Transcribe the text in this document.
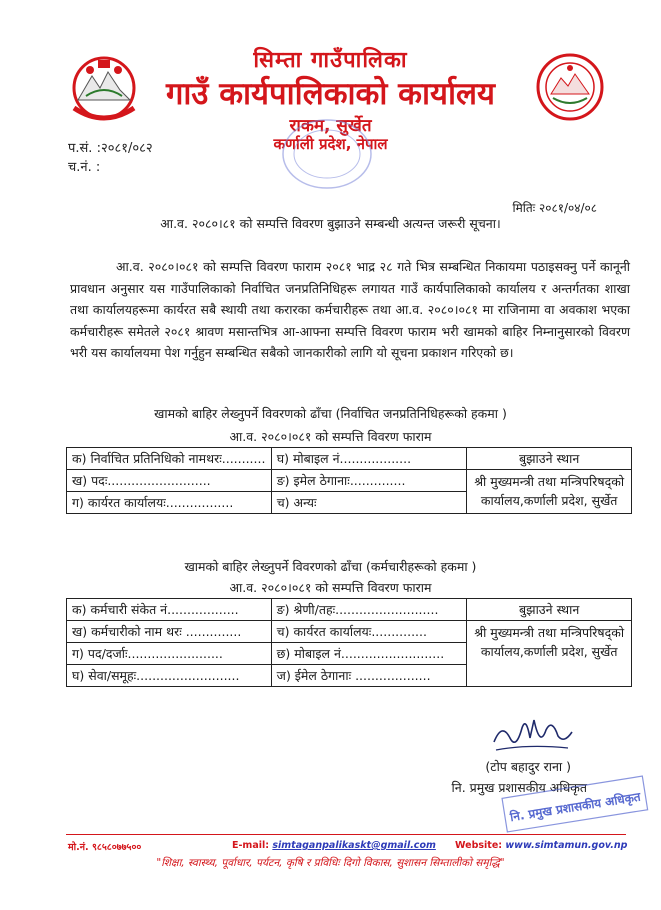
सिम्ता गाउँपालिका
गाउँ कार्यपालिकाको कार्यालय
राकम, सुर्खेत
कर्णाली प्रदेश, नेपाल
प.सं. :२०८१/०८२
च.नं. :
मितिः २०८१/०४/०८
आ.व. २०८०।८१ को सम्पत्ति विवरण बुझाउने सम्बन्धी अत्यन्त जरूरी सूचना।
आ.व. २०८०।०८१ को सम्पत्ति विवरण फाराम २०८१ भाद्र २८ गते भित्र सम्बन्धित निकायमा पठाइसक्नु पर्ने कानूनी प्रावधान अनुसार यस गाउँपालिकाको निर्वाचित जनप्रतिनिधिहरू लगायत गाउँ कार्यपालिकाको कार्यालय र अन्तर्गतका शाखा तथा कार्यालयहरूमा कार्यरत सबै स्थायी तथा करारका कर्मचारीहरू तथा आ.व. २०८०।०८१ मा राजिनामा वा अवकाश भएका कर्मचारीहरू समेतले २०८१ श्रावण मसान्तभित्र आ-आफ्ना सम्पत्ति विवरण फाराम भरी खामको बाहिर निम्नानुसारको विवरण भरी यस कार्यालयमा पेश गर्नुहुन सम्बन्धित सबैको जानकारीको लागि यो सूचना प्रकाशन गरिएको छ।
खामको बाहिर लेख्नुपर्ने विवरणको ढाँचा (निर्वाचित जनप्रतिनिधिहरूको हकमा )
आ.व. २०८०।०८१ को सम्पत्ति विवरण फाराम
क) निर्वाचित प्रतिनिधिको नामथरः...........	घ) मोबाइल नं..................	बुझाउने स्थान
ख) पदः..........................	ङ) इमेल ठेगानाः..............	श्री मुख्यमन्त्री तथा मन्त्रिपरिषद्को कार्यालय,कर्णाली प्रदेश, सुर्खेत
ग) कार्यरत कार्यालयः.................	च) अन्यः	
खामको बाहिर लेख्नुपर्ने विवरणको ढाँचा (कर्मचारीहरूको हकमा )
आ.व. २०८०।०८१ को सम्पत्ति विवरण फाराम
क) कर्मचारी संकेत नं..................	ङ) श्रेणी/तहः..........................	बुझाउने स्थान
ख) कर्मचारीको नाम थरः ..............	च) कार्यरत कार्यालयः..............	श्री मुख्यमन्त्री तथा मन्त्रिपरिषद्को कार्यालय,कर्णाली प्रदेश, सुर्खेत
ग) पद/दर्जाः........................	छ) मोबाइल नं..........................	
घ) सेवा/समूहः..........................	ज) ईमेल ठेगानाः ...................	
(टोप बहादुर राना )
नि. प्रमुख प्रशासकीय अधिकृत
नि. प्रमुख प्रशासकीय अधिकृत
मो.नं. ९८५८०७७५००	E-mail: simtaganpalikaskt@gmail.com Website: www.simtamun.gov.np
"शिक्षा, स्वास्थ्य, पूर्वाधार, पर्यटन, कृषि र प्रविधिः दिगो विकास, सुशासन सिम्तालीको समृद्धि"
